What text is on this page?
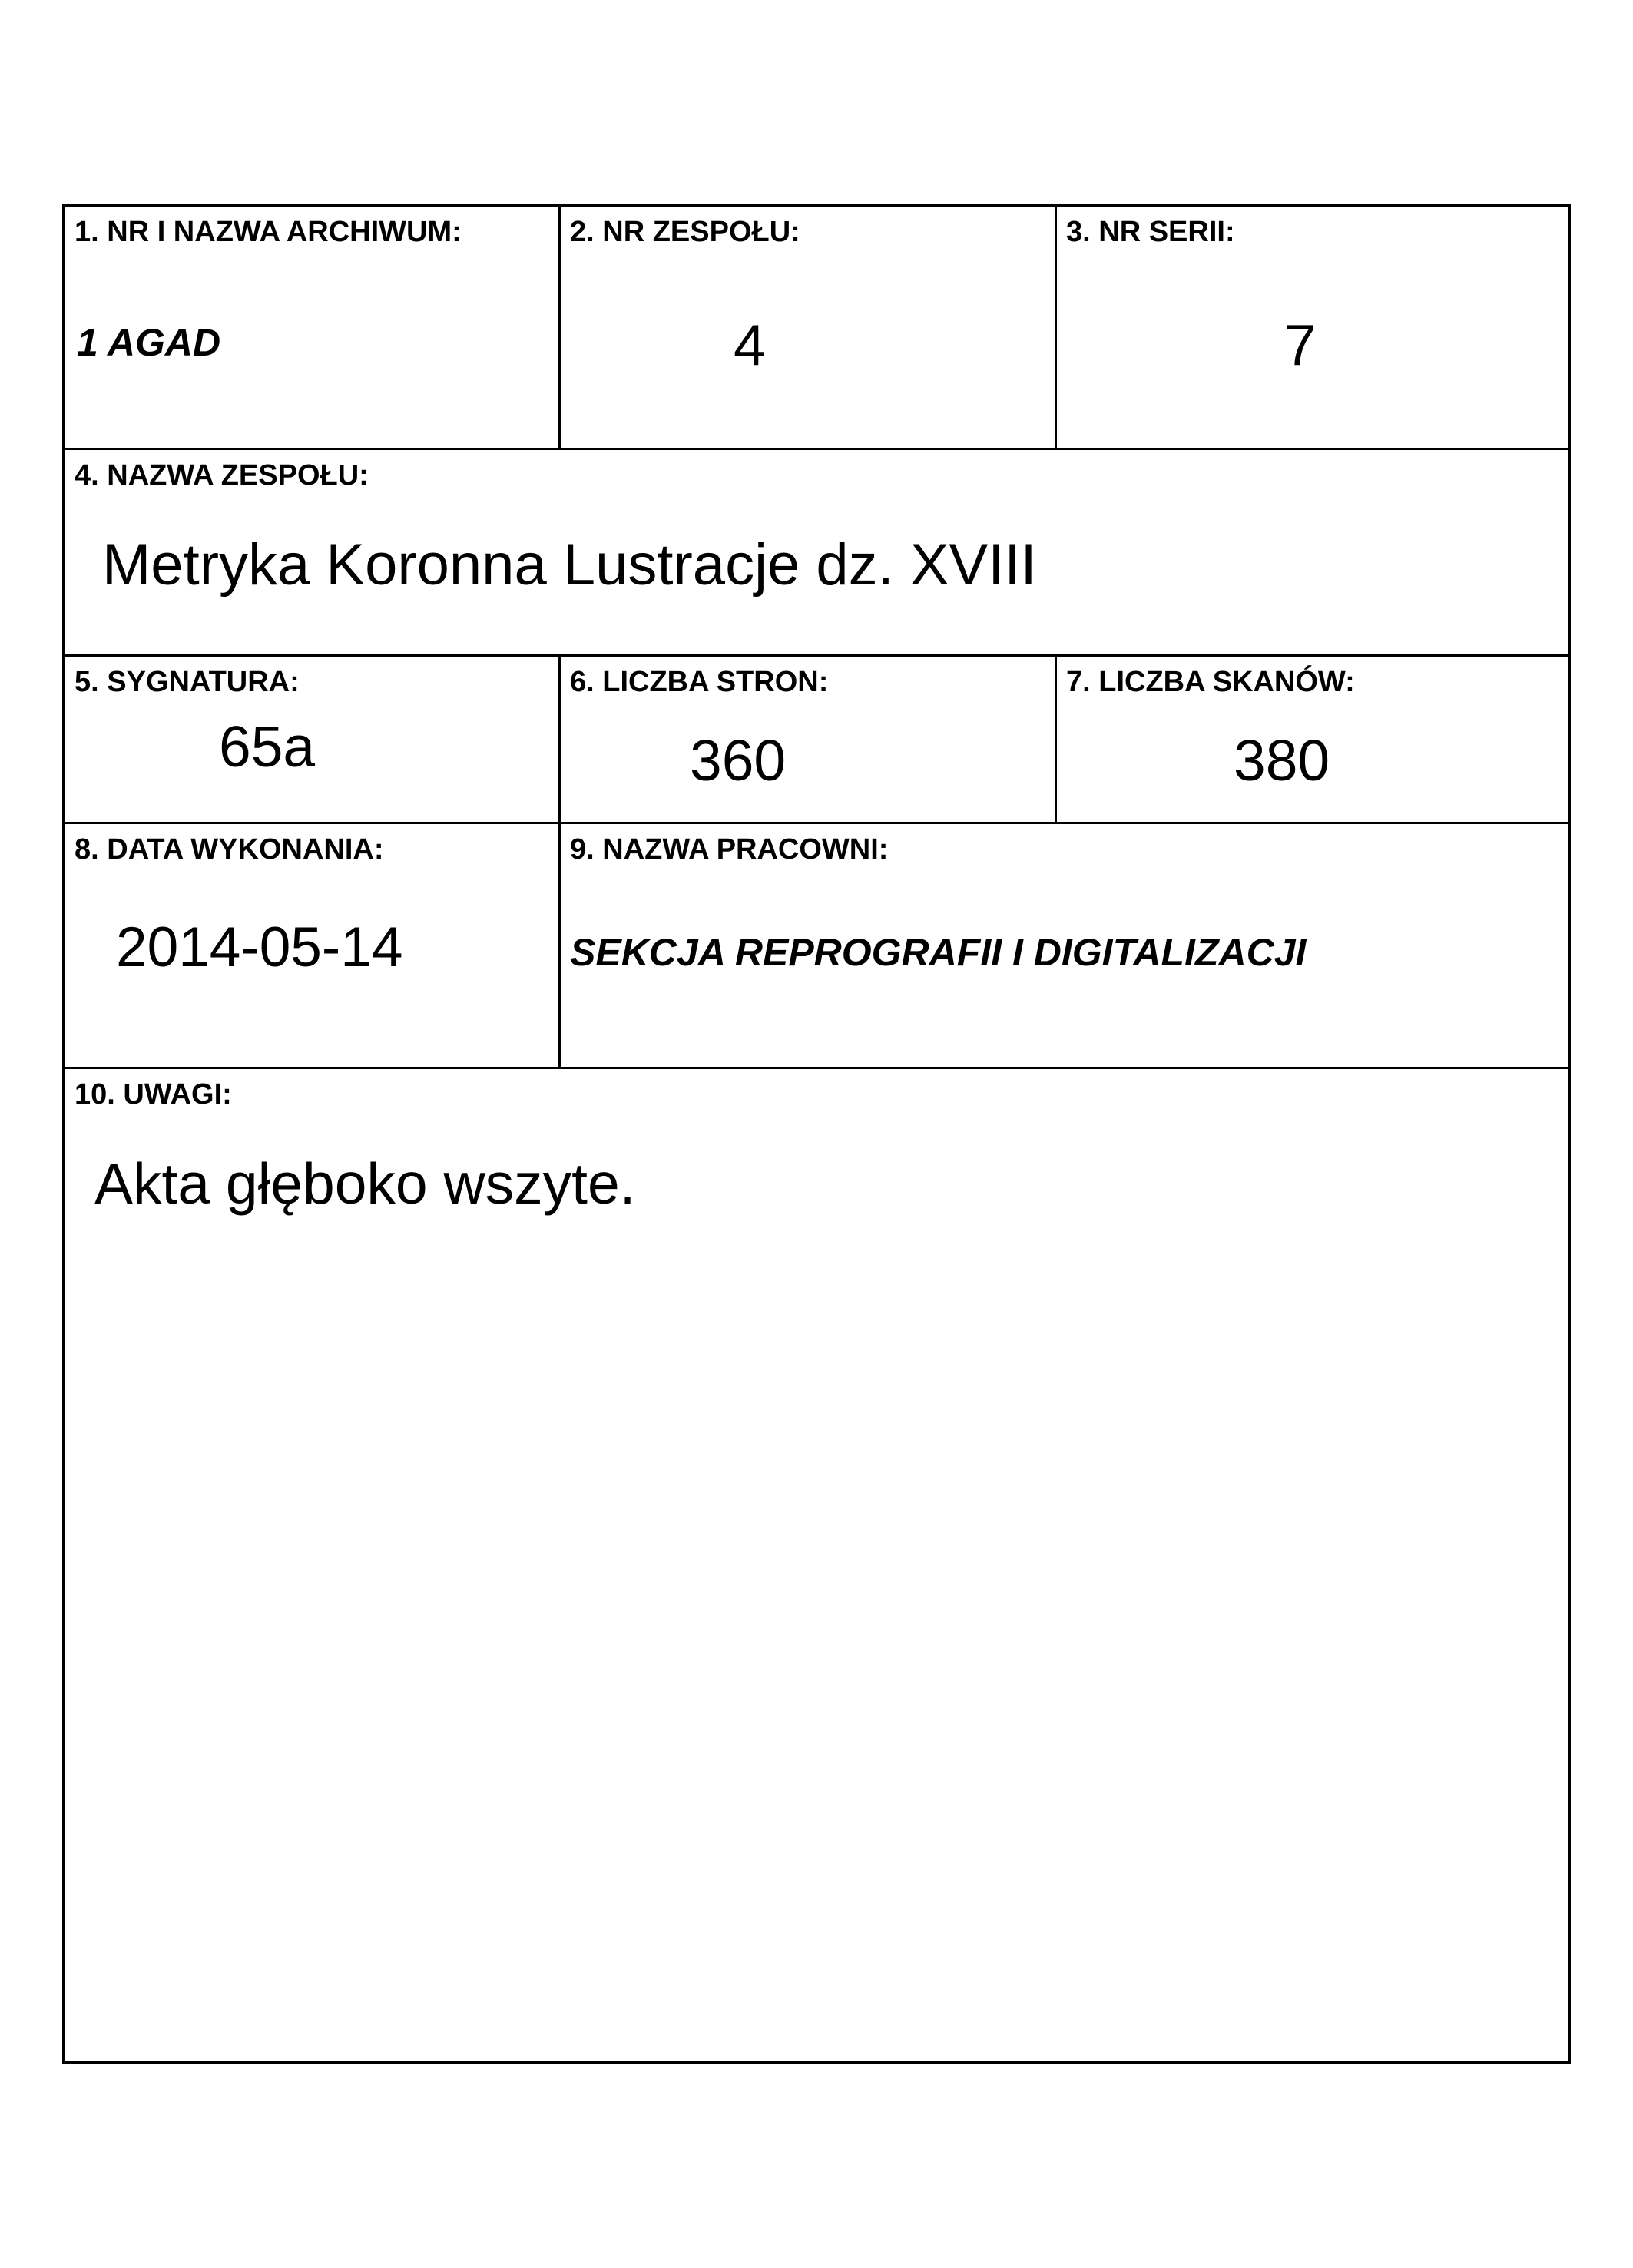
1. NR I NAZWA ARCHIWUM:
1 AGAD
2. NR ZESPOŁU:
4
3. NR SERII:
7
4. NAZWA ZESPOŁU:
Metryka Koronna Lustracje dz. XVIII
5. SYGNATURA:
65a
6. LICZBA STRON:
360
7. LICZBA SKANÓW:
380
8. DATA WYKONANIA:
2014-05-14
9. NAZWA PRACOWNI:
SEKCJA REPROGRAFII I DIGITALIZACJI
10. UWAGI:
Akta głęboko wszyte.
